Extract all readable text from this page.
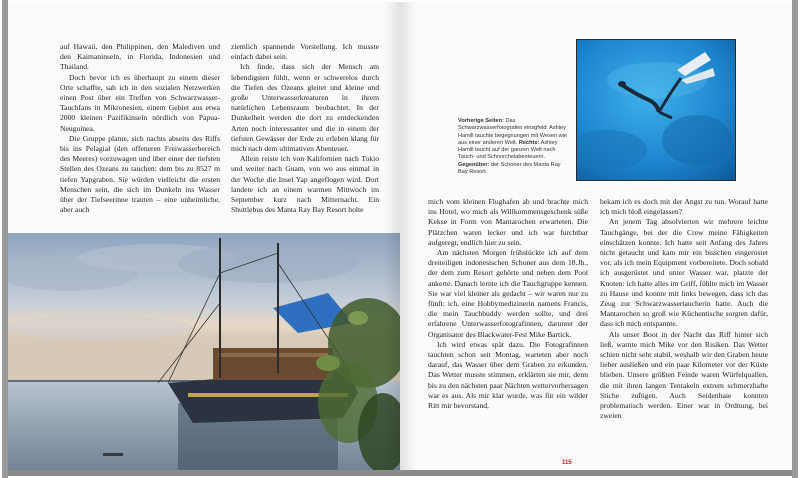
auf Hawaii, den Philippinen, den Malediven und den Kaimaninseln, in Florida, Indonesien und Thailand.

Doch bevor ich es überhaupt zu einem dieser Orte schaffte, sah ich in den sozialen Netzwerken einen Post über ein Treffen von Schwarzwasser-Tauchfans in Mikronesien, einem Gebiet aus etwa 2000 kleinen Pazifikinseln nördlich von Papua-Neuguinea.

Die Gruppe plante, sich nachts abseits des Riffs bis ins Pelagial (den offeneren Freiwasserbereich des Meeres) vorzuwagen und über einer der tiefsten Stellen des Ozeans zu tauchen: dem bis zu 8527 m tiefen Yapgraben. Sie würden vielleicht die ersten Menschen sein, die sich im Dunkeln ins Wasser über der Tiefseerinne trauten – eine unheimliche, aber auch

ziemlich spannende Vorstellung. Ich musste einfach dabei sein.

Ich finde, dass sich der Mensch am lebendigsten fühlt, wenn er schwerelos durch die Tiefen des Ozeans gleitet und kleine und große Unterwasserkreaturen in ihrem natürlichen Lebensraum beobachtet. In der Dunkelheit werden die dort zu entdeckenden Arten noch interessanter und die in einem der tiefsten Gewässer der Erde zu erleben klang für mich nach dem ultimativen Abenteuer.

Allein reiste ich von Kalifornien nach Tokio und weiter nach Guam, von wo aus einmal in der Woche die Insel Yap angeflogen wird. Dort landete ich an einem warmen Mittwoch im September kurz nach Mitternacht. Ein Shuttlebus des Manta Ray Bay Resort holte

Vorherige Seiten: Das Schwarzwasserfotografen einsgfeld: Ashley Hamill tauchte begegnungen mit Wesen wie aus einer anderen Welt. Rechts: Ashley Hamill taucht auf der ganzen Welt nach Tauch- und Schnorchelabenteuern. Gegenüber: der Schoner des Manta Ray Bay Resort.

mich vom kleinen Flughafen ab und brachte mich ins Hotel, wo mich als Willkommensgeschenk süße Kekse in Form von Mantarochen erwarteten. Die Plätzchen waren lecker und ich war furchtbar aufgeregt, endlich hier zu sein.

Am nächsten Morgen frühstückte ich auf dem dreiteiligen indonesischen Schoner aus dem 18.Jh., der dem zum Resort gehörte und neben dem Pool ankerte. Danach lernte ich die Tauchgruppe kennen. Sie war viel kleiner als gedacht – wir waren nur zu fünft: ich, eine Hobbymedizinerin namens Francis, die mein Tauchbuddy werden sollte, und drei erfahrene Unterwasserfotografinnen, darunter der Organisator des Blackwater-Fest Mike Bartick.

Ich wird etwas spät dazu. Die Fotografinnen tauchten schon seit Montag, warteten aber noch darauf, das Wasser über dem Graben zu erkunden. Das Wetter musste stimmen, erklärten sie mir, denn bis zu den nächsten paar Nächten wettervorhersagen war es aus. Als mir klar wurde, was für ein wilder Ritt mir bevorstand,

bekam ich es doch mit der Angst zu tun. Worauf hatte ich mich bloß eingelassen?

An jenem Tag absolvierten wir mehrere leichte Tauchgänge, bei der die Crew meine Fähigkeiten einschätzen konnte. Ich hatte seit Anfang des Jahres nicht getaucht und kam mir ein bisschen eingerostet vor, als ich mein Equipment vorbereitete. Doch sobald ich ausgerüstet und unter Wasser war, platzte der Knoten: ich hatte alles im Griff, fühlte mich im Wasser zu Hause und konnte mit links bewegen, dass ich das Zeug zur Schwarzwassertaucherin hatte. Auch die Mantarochen so groß wie Küchentische sorgten dafür, dass ich mich entspannte.

Als unser Boot in der Nacht das Riff hinter sich ließ, warnte mich Mike vor den Risiken. Das Wetter schien nicht sehr stabil, weshalb wir den Graben heute lieber ausließen und ein paar Kilometer vor der Küste blieben. Unsere größten Feinde waren Würfelquallen, die mit ihren langen Tentakeln extrem schmerzhafte Stiche zufügen. Auch Seidenhaie konnten problematisch werden. Einer war in Ordnung, bei zweien

115
